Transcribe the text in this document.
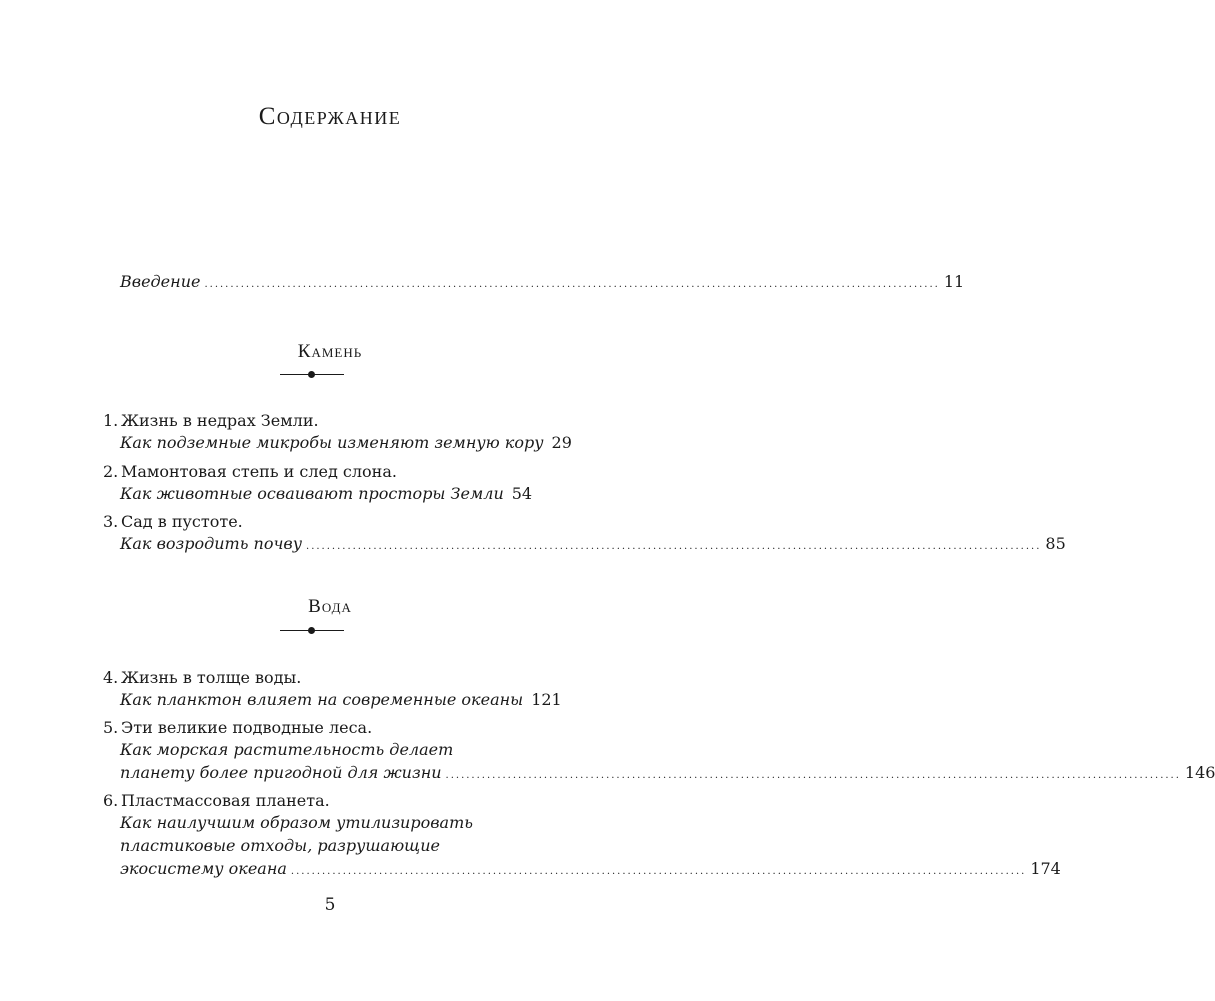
Содержание
Введение .............................................................................................................................................. 11
Камень
1. Жизнь в недрах Земли.
Как подземные микробы изменяют земную кору 29
2. Мамонтовая степь и след слона.
Как животные осваивают просторы Земли 54
3. Сад в пустоте.
Как возродить почву .............................................................................................................................................. 85
Вода
4. Жизнь в толще воды.
Как планктон влияет на современные океаны 121
5. Эти великие подводные леса.
Как морская растительность делает
планету более пригодной для жизни .............................................................................................................................................. 146
6. Пластмассовая планета.
Как наилучшим образом утилизировать
пластиковые отходы, разрушающие
экосистему океана .............................................................................................................................................. 174
5
